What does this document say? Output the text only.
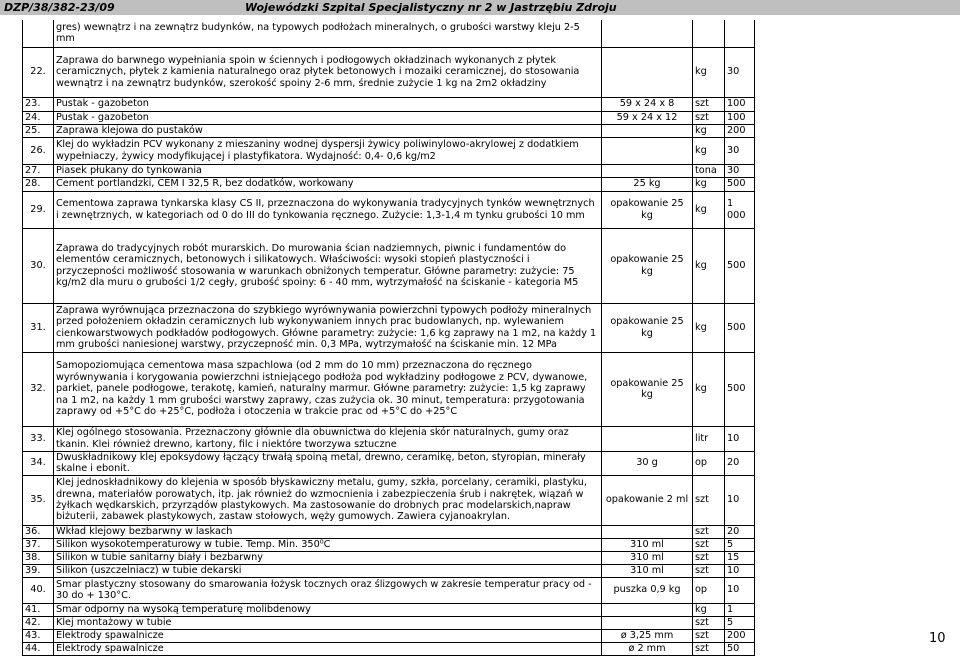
DZP/38/382-23/09	Wojewódzki Szpital Specjalistyczny nr 2 w Jastrzębiu Zdroju
	gres) wewnątrz i na zewnątrz budynków, na typowych podłożach mineralnych, o grubości warstwy kleju 2-5 mm			
22.	Zaprawa do barwnego wypełniania spoin w ściennych i podłogowych okładzinach wykonanych z płytek ceramicznych, płytek z kamienia naturalnego oraz płytek betonowych i mozaiki ceramicznej, do stosowania wewnątrz i na zewnątrz budynków, szerokość spoiny 2-6 mm, średnie zużycie 1 kg na 2m2 okładziny		kg	30
23.	Pustak - gazobeton	59 x 24 x 8	szt	100
24.	Pustak - gazobeton	59 x 24 x 12	szt	100
25.	Zaprawa klejowa do pustaków		kg	200
26.	Klej do wykładzin PCV wykonany z mieszaniny wodnej dyspersji żywicy poliwinylowo-akrylowej z dodatkiem wypełniaczy, żywicy modyfikującej i plastyfikatora. Wydajność: 0,4- 0,6 kg/m2		kg	30
27.	Piasek płukany do tynkowania		tona	30
28.	Cement portlandzki, CEM I 32,5 R, bez dodatków, workowany	25 kg	kg	500
29.	Cementowa zaprawa tynkarska klasy CS II, przeznaczona do wykonywania tradycyjnych tynków wewnętrznych i zewnętrznych, w kategoriach od 0 do III do tynkowania ręcznego. Zużycie: 1,3-1,4 m tynku grubości 10 mm	opakowanie 25 kg	kg	1 000
30.	Zaprawa do tradycyjnych robót murarskich. Do murowania ścian nadziemnych, piwnic i fundamentów do elementów ceramicznych, betonowych i silikatowych. Właściwości: wysoki stopień plastyczności i przyczepności możliwość stosowania w warunkach obniżonych temperatur. Główne parametry: zużycie: 75 kg/m2 dla muru o grubości 1/2 cegły, grubość spoiny: 6 - 40 mm, wytrzymałość na ściskanie - kategoria M5	opakowanie 25 kg	kg	500
31.	Zaprawa wyrównująca przeznaczona do szybkiego wyrównywania powierzchni typowych podłoży mineralnych przed położeniem okładzin ceramicznych lub wykonywaniem innych prac budowlanych, np. wylewaniem cienkowarstwowych podkładów podłogowych. Główne parametry: zużycie: 1,6 kg zaprawy na 1 m2, na każdy 1 mm grubości naniesionej warstwy, przyczepność min. 0,3 MPa, wytrzymałość na ściskanie min. 12 MPa	opakowanie 25 kg	kg	500
32.	Samopoziomująca cementowa masa szpachlowa (od 2 mm do 10 mm) przeznaczona do ręcznego wyrównywania i korygowania powierzchni istniejącego podłoża pod wykładziny podłogowe z PCV, dywanowe, parkiet, panele podłogowe, terakotę, kamień, naturalny marmur. Główne parametry: zużycie: 1,5 kg zaprawy na 1 m2, na każdy 1 mm grubości warstwy zaprawy, czas zużycia ok. 30 minut, temperatura: przygotowania zaprawy od +5°C do +25°C, podłoża i otoczenia w trakcie prac od +5°C do +25°C	opakowanie 25 kg	kg	500
33.	Klej ogólnego stosowania. Przeznaczony głównie dla obuwnictwa do klejenia skór naturalnych, gumy oraz tkanin. Klei również drewno, kartony, filc i niektóre tworzywa sztuczne		litr	10
34.	Dwuskładnikowy klej epoksydowy łączący trwałą spoiną metal, drewno, ceramikę, beton, styropian, minerały skalne i ebonit.	30 g	op	20
35.	Klej jednoskładnikowy do klejenia w sposób błyskawiczny metalu, gumy, szkła, porcelany, ceramiki, plastyku, drewna, materiałów porowatych, itp. jak również do wzmocnienia i zabezpieczenia śrub i nakrętek, wiązań w żyłkach wędkarskich, przyrządów plastykowych. Ma zastosowanie do drobnych prac modelarskich,napraw biżuterii, zabawek plastykowych, zastaw stołowych, węży gumowych. Zawiera cyjanoakrylan.	opakowanie 2 ml	szt	10
36.	Wkład klejowy bezbarwny w laskach		szt	20
37.	Silikon wysokotemperaturowy w tubie. Temp. Min. 350⁰C	310 ml	szt	5
38.	Silikon w tubie sanitarny biały i bezbarwny	310 ml	szt	15
39.	Silikon (uszczelniacz) w tubie dekarski	310 ml	szt	10
40.	Smar plastyczny stosowany do smarowania łożysk tocznych oraz ślizgowych w zakresie temperatur pracy od - 30 do + 130°C.	puszka 0,9 kg	op	10
41.	Smar odporny na wysoką temperaturę molibdenowy		kg	1
42.	Klej montażowy w tubie		szt	5
43.	Elektrody spawalnicze	ø 3,25 mm	szt	200
44.	Elektrody spawalnicze	ø 2 mm	szt	50
10
